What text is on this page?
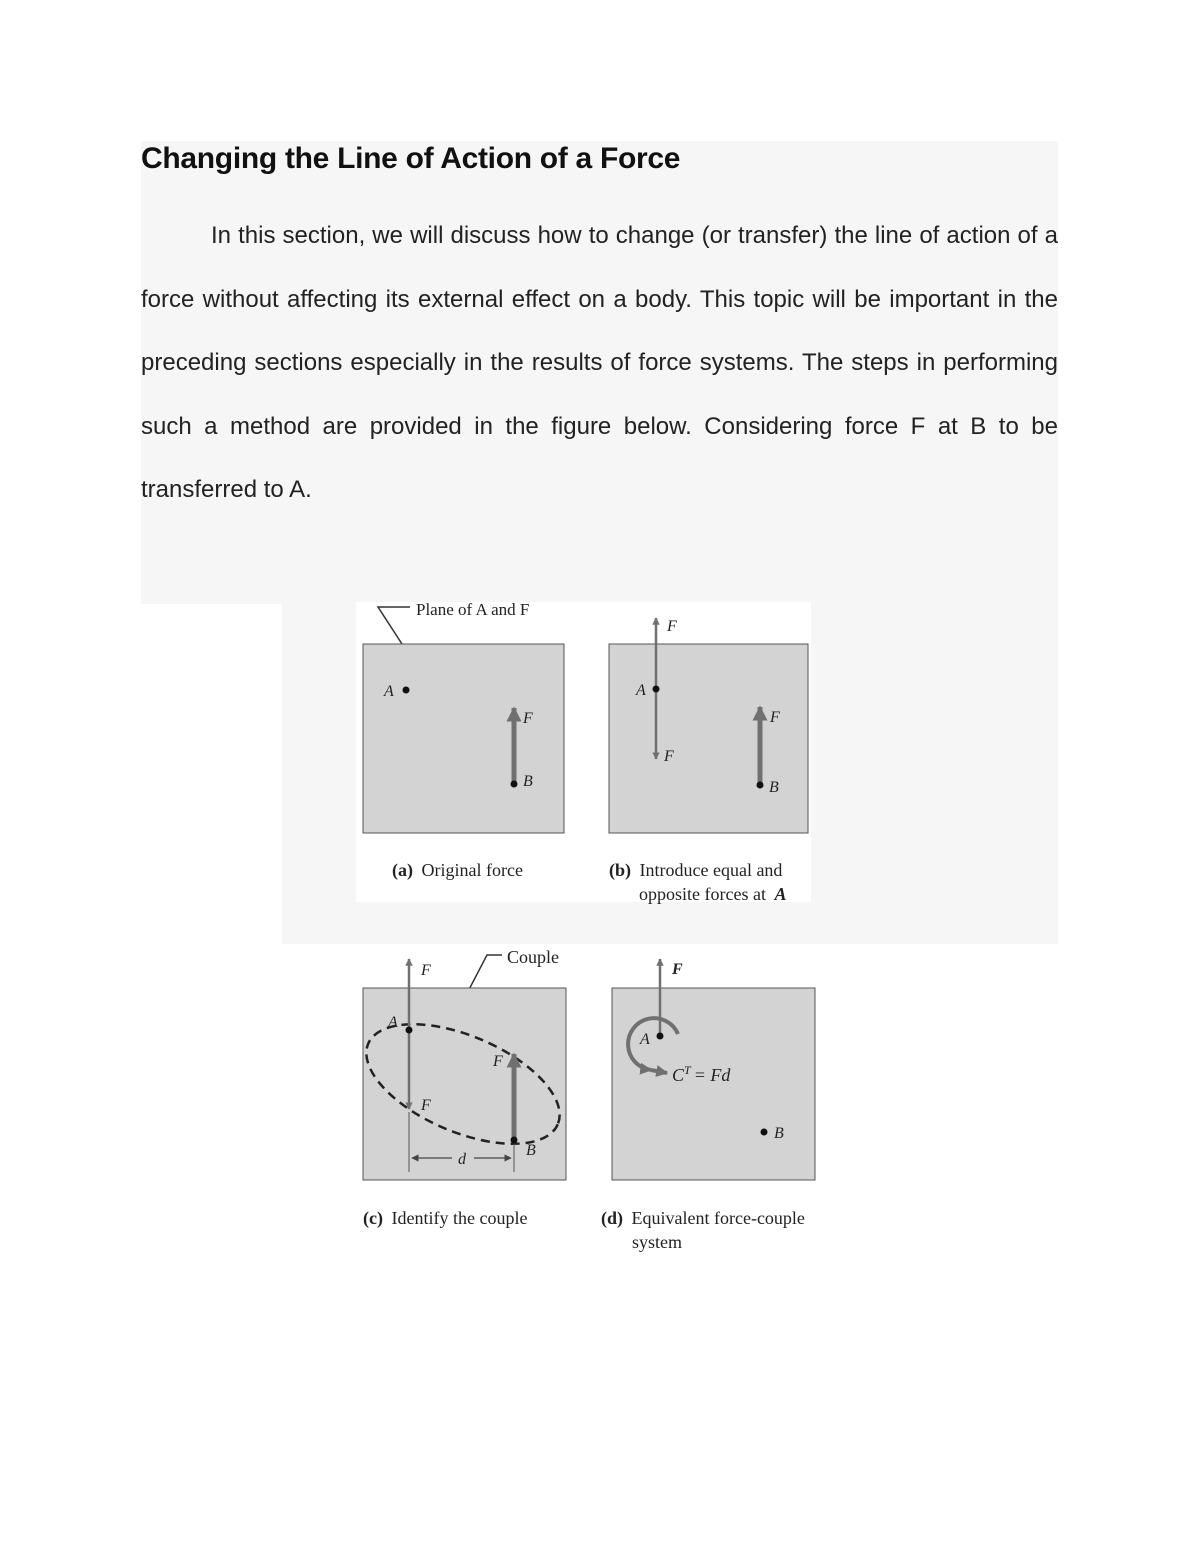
Changing the Line of Action of a Force

In this section, we will discuss how to change (or transfer) the line of action of a force without affecting its external effect on a body. This topic will be important in the preceding sections especially in the results of force systems. The steps in performing such a method are provided in the figure below. Considering force F at B to be transferred to A.

Plane of A and F
A
F
B
(a) Original force
F
A
F
F
B
(b) Introduce equal and
opposite forces at A
Couple
F
A
F
F
B
d
(c) Identify the couple
F
A
$C^T = Fd$
B
(d) Equivalent force-couple
system
